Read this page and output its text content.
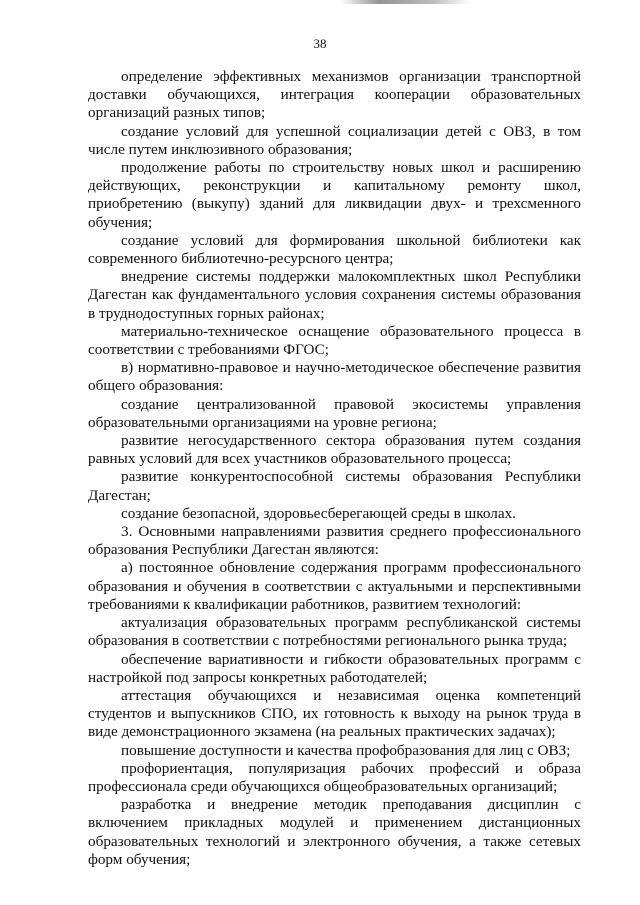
38

определение эффективных механизмов организации транспортной доставки обучающихся, интеграция кооперации образовательных организаций разных типов;

создание условий для успешной социализации детей с ОВЗ, в том числе путем инклюзивного образования;

продолжение работы по строительству новых школ и расширению действующих, реконструкции и капитальному ремонту школ, приобретению (выкупу) зданий для ликвидации двух- и трехсменного обучения;

создание условий для формирования школьной библиотеки как современного библиотечно-ресурсного центра;

внедрение системы поддержки малокомплектных школ Республики Дагестан как фундаментального условия сохранения системы образования в труднодоступных горных районах;

материально-техническое оснащение образовательного процесса в соответствии с требованиями ФГОС;

в) нормативно-правовое и научно-методическое обеспечение развития общего образования:

создание централизованной правовой экосистемы управления образовательными организациями на уровне региона;

развитие негосударственного сектора образования путем создания равных условий для всех участников образовательного процесса;

развитие конкурентоспособной системы образования Республики Дагестан;

создание безопасной, здоровьесберегающей среды в школах.

3. Основными направлениями развития среднего профессионального образования Республики Дагестан являются:

а) постоянное обновление содержания программ профессионального образования и обучения в соответствии с актуальными и перспективными требованиями к квалификации работников, развитием технологий:

актуализация образовательных программ республиканской системы образования в соответствии с потребностями регионального рынка труда;

обеспечение вариативности и гибкости образовательных программ с настройкой под запросы конкретных работодателей;

аттестация обучающихся и независимая оценка компетенций студентов и выпускников СПО, их готовность к выходу на рынок труда в виде демонстрационного экзамена (на реальных практических задачах);

повышение доступности и качества профобразования для лиц с ОВЗ;

профориентация, популяризация рабочих профессий и образа профессионала среди обучающихся общеобразовательных организаций;

разработка и внедрение методик преподавания дисциплин с включением прикладных модулей и применением дистанционных образовательных технологий и электронного обучения, а также сетевых форм обучения;
